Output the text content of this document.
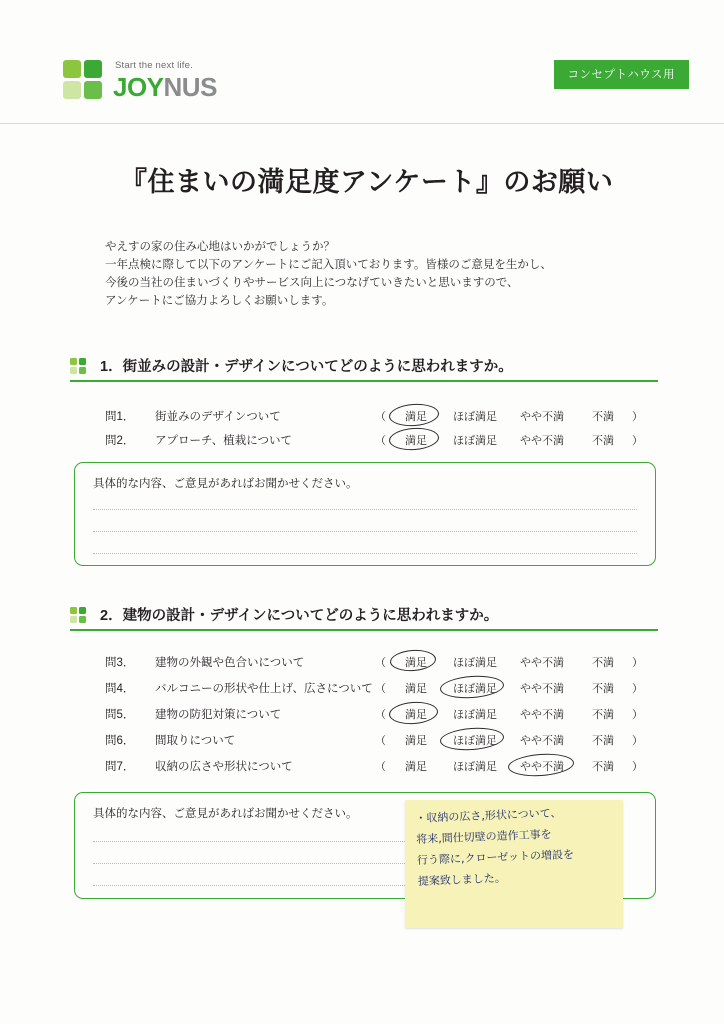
Start the next life.
JOYNUS	コンセプトハウス用
『住まいの満足度アンケート』のお願い
やえすの家の住み心地はいかがでしょうか？
一年点検に際して以下のアンケートにご記入頂いております。皆様のご意見を生かし、
今後の当社の住まいづくりやサービス向上につなげていきたいと思いますので、
アンケートにご協力よろしくお願いします。
1．街並みの設計・デザインについてどのように思われますか。
問1． 街並みのデザインついて	（	満足	ほぼ満足	やや不満	不満	）
問2． アプローチ、植栽について	（	満足	ほぼ満足	やや不満	不満	）
具体的な内容、ご意見があればお聞かせください。
2．建物の設計・デザインについてどのように思われますか。
問3． 建物の外観や色合いについて	（	満足	ほぼ満足	やや不満	不満	）
問4． バルコニーの形状や仕上げ、広さについて （	満足	ほぼ満足	やや不満	不満	）
問5． 建物の防犯対策について	（	満足	ほぼ満足	やや不満	不満	）
問6． 間取りについて	（	満足	ほぼ満足	やや不満	不満	）
問7． 収納の広さや形状について	（	満足	ほぼ満足	やや不満	不満	）
具体的な内容、ご意見があればお聞かせください。	・収納の広さ,形状について、
将来,間仕切壁の造作工事を
行う際に,クローゼットの増設を
提案致しました。
